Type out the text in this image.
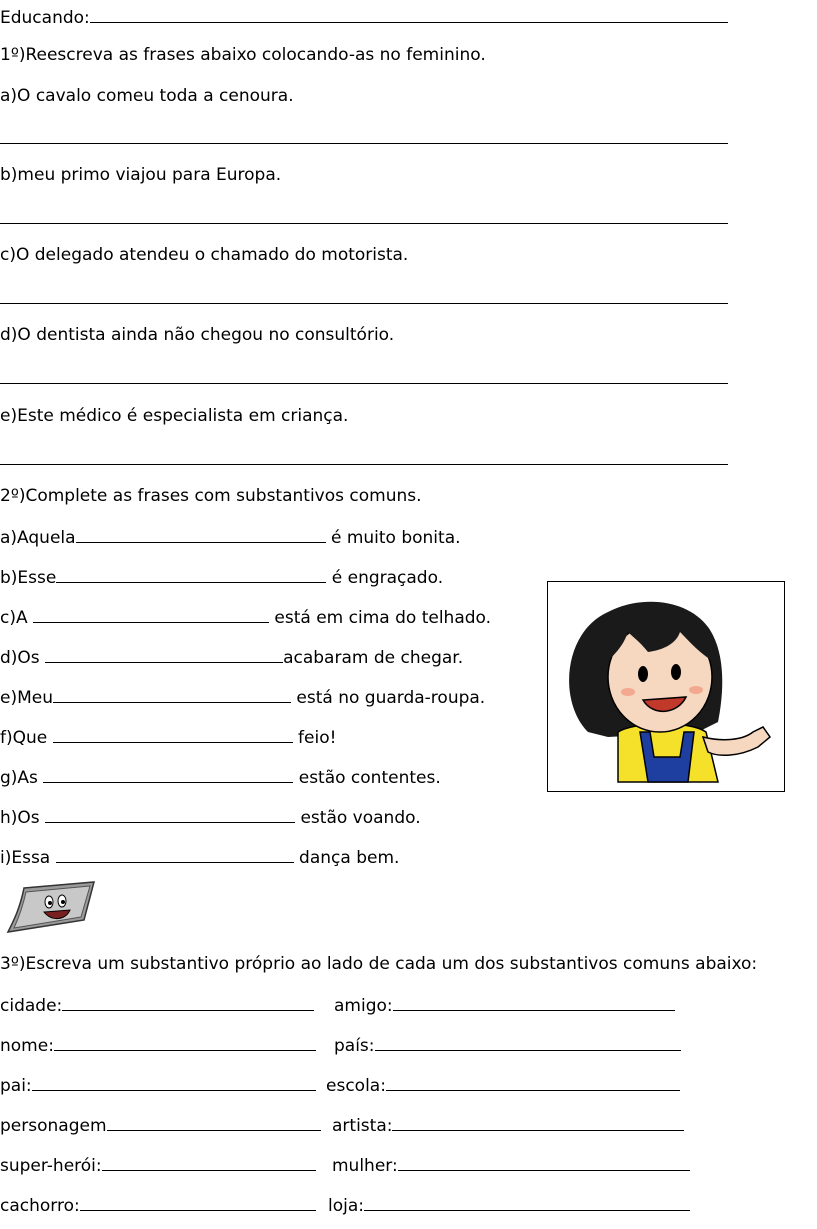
Educando:
1º)Reescreva as frases abaixo colocando-as no feminino.
a)O cavalo comeu toda a cenoura.
b)meu primo viajou para Europa.
c)O delegado atendeu o chamado do motorista.
d)O dentista ainda não chegou no consultório.
e)Este médico é especialista em criança.
2º)Complete as frases com substantivos comuns.
a)Aquela	é muito bonita.
b)Esse	é engraçado.
c)A	está em cima do telhado.
d)Os	acabaram de chegar.
e)Meu	está no guarda-roupa.
f)Que	feio!
g)As	estão contentes.
h)Os	estão voando.
i)Essa	dança bem.
3º)Escreva um substantivo próprio ao lado de cada um dos substantivos comuns abaixo:
cidade:	amigo:
nome:	país:
pai:	escola:
personagem	artista:
super-herói:	mulher:
cachorro:	loja:
